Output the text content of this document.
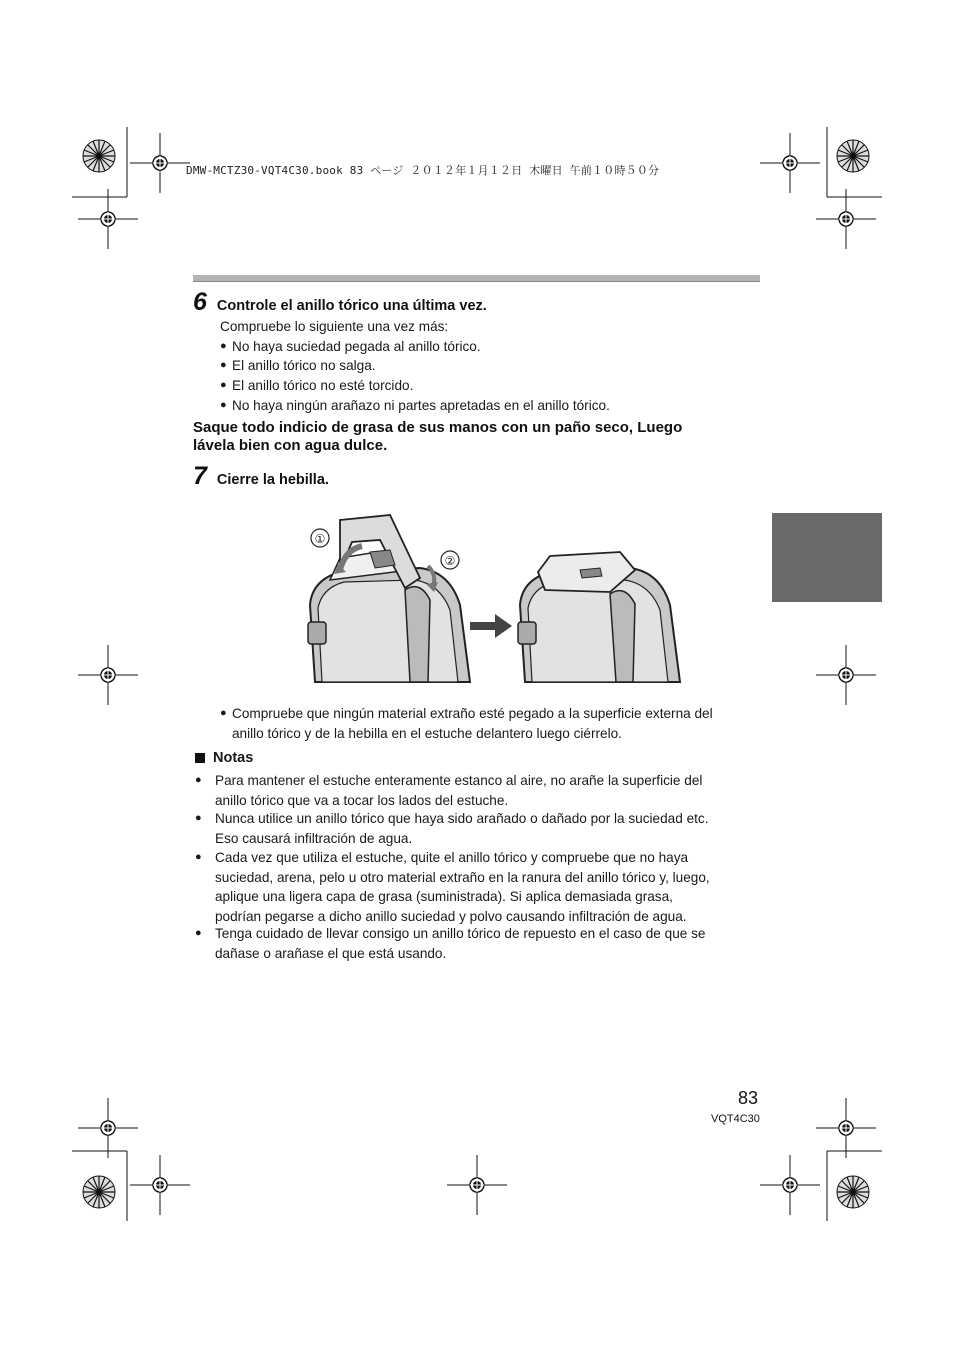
DMW-MCTZ30-VQT4C30.book 83 ページ ２０１２年１月１２日 木曜日 午前１０時５０分
6 Controle el anillo tórico una última vez.
Compruebe lo siguiente una vez más:
● No haya suciedad pegada al anillo tórico.
● El anillo tórico no salga.
● El anillo tórico no esté torcido.
● No haya ningún arañazo ni partes apretadas en el anillo tórico.
Saque todo indicio de grasa de sus manos con un paño seco, Luego
lávela bien con agua dulce.
7 Cierre la hebilla.
①
②
● Compruebe que ningún material extraño esté pegado a la superficie externa del
anillo tórico y de la hebilla en el estuche delantero luego ciérrelo.
Notas
● Para mantener el estuche enteramente estanco al aire, no arañe la superficie del
anillo tórico que va a tocar los lados del estuche.
● Nunca utilice un anillo tórico que haya sido arañado o dañado por la suciedad etc.
Eso causará infiltración de agua.
● Cada vez que utiliza el estuche, quite el anillo tórico y compruebe que no haya
suciedad, arena, pelo u otro material extraño en la ranura del anillo tórico y, luego,
aplique una ligera capa de grasa (suministrada). Si aplica demasiada grasa,
podrían pegarse a dicho anillo suciedad y polvo causando infiltración de agua.
● Tenga cuidado de llevar consigo un anillo tórico de repuesto en el caso de que se
dañase o arañase el que está usando.
83
VQT4C30
